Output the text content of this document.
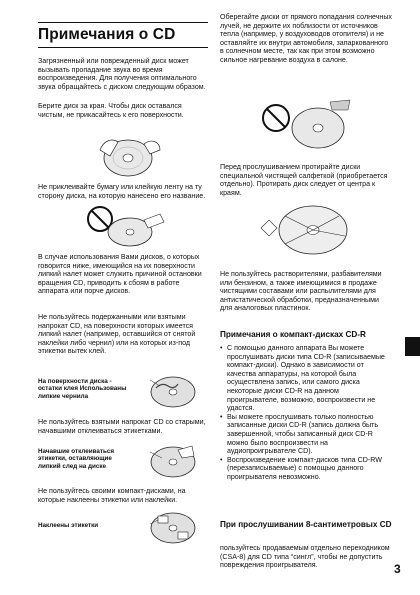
Примечания о CD
Загрязненный или поврежденный диск может вызывать пропадание звука во время воспроизведения. Для получения оптимального звука обращайтесь с диском следующим образом.
Берите диск за края. Чтобы диск оставался чистым, не прикасайтесь к его поверхности.
Не приклеивайте бумагу или клейкую ленту на ту сторону диска, на которую нанесено его название.
В случае использования Вами дисков, о которых говорится ниже, имеющийся на их поверхности липкий налет может служить причиной остановки вращения CD, приводить к сбоям в работе аппарата или порче дисков.
Не пользуйтесь подержанными или взятыми напрокат CD, на поверхности которых имеется липкий налет (например, оставшийся от снятой наклейки либо чернил) или на которых из-под этикетки вытек клей.
На поверхности диска - остатки клея Использованы липкие чернила
Не пользуйтесь взятыми напрокат CD со старыми, начавшими отклеиваться этикетками.
Начавшие отклеиваться этикетки, оставляющие липкий след на диске
Не пользуйтесь своими компакт-дисками, на которые наклеены этикетки или наклейки.
Наклеены этикетки
Оберегайте диски от прямого попадания солнечных лучей, не держите их поблизости от источников тепла (например, у воздуховодов отопителя) и не оставляйте их внутри автомобиля, запаркованного в солнечном месте, так как при этом возможно сильное нагревание воздуха в салоне.
Перед прослушиванием протирайте диски специальной чистящей салфеткой (приобретается отдельно). Протирать диск следует от центра к краям.
Не пользуйтесь растворителями, разбавителями или бензином, а также имеющимися в продаже чистящими составами или распылителями для антистатической обработки, предназначенными для аналоговых пластинок.
Примечания о компакт-дисках CD-R
• С помощью данного аппарата Вы можете прослушивать диски типа CD-R (записываемые компакт-диски). Однако в зависимости от качества аппаратуры, на которой была осуществлена запись, или самого диска некоторые диски CD-R на данном проигрывателе, возможно, воспроизвести не удастся.
• Вы можете прослушивать только полностью записанные диски CD-R (запись должна быть завершенной, чтобы записанный диск CD-R можно было воспроизвести на аудиопроигрывателе CD).
• Воспроизведение компакт-дисков типа CD-RW (перезаписываемые) с помощью данного проигрывателя невозможно.
При прослушивании 8-сантиметровых CD
пользуйтесь продаваемым отдельно переходником (CSA-8) для CD типа “сингл”, чтобы не допустить повреждения проигрывателя.	3
